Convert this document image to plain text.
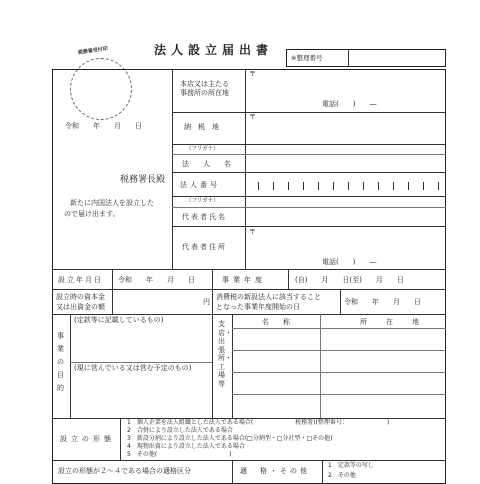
税務署受付印	法人設立届出書
※整理番号
令和　　年　　月　　日
税務署長殿
新たに内国法人を設立した
ので届け出ます。
本店又は主たる
事務所の所在地
〒
電話(　　)　　―
納　税　地
〒
（フリガナ）
法　　人　　名
法人番号
（フリガナ）
代表者氏名
代表者住所
〒
電話(　　)　　―
設立年月日 令和　　年　　月　　日	事業年度	(自)　　月　　日(至)　　月　　日
設立時の資本金
又は出資金の額
円
消費税の新設法人に該当すること
となった事業年度開始の日
令和　　年　　月　　日
事業の目的
(定款等に記載しているもの)
(現に営んでいる又は営む予定のもの)
支店・出張所・工場等
名　　称	所　在　地
設立の形態
1　個人企業を法人組織とした法人である場合(　　　　　　　税務署)(整理番号：　　　　　　　)
2　合併により設立した法人である場合
3　新設分割により設立した法人である場合(□分割型・□分社型・□その他)
4　現物出資により設立した法人である場合
5　その他(　　　　　　　　　　　　)
設立の形態が２～４である場合の適格区分	適　格・その他
1　定款等の写し
2　その他
